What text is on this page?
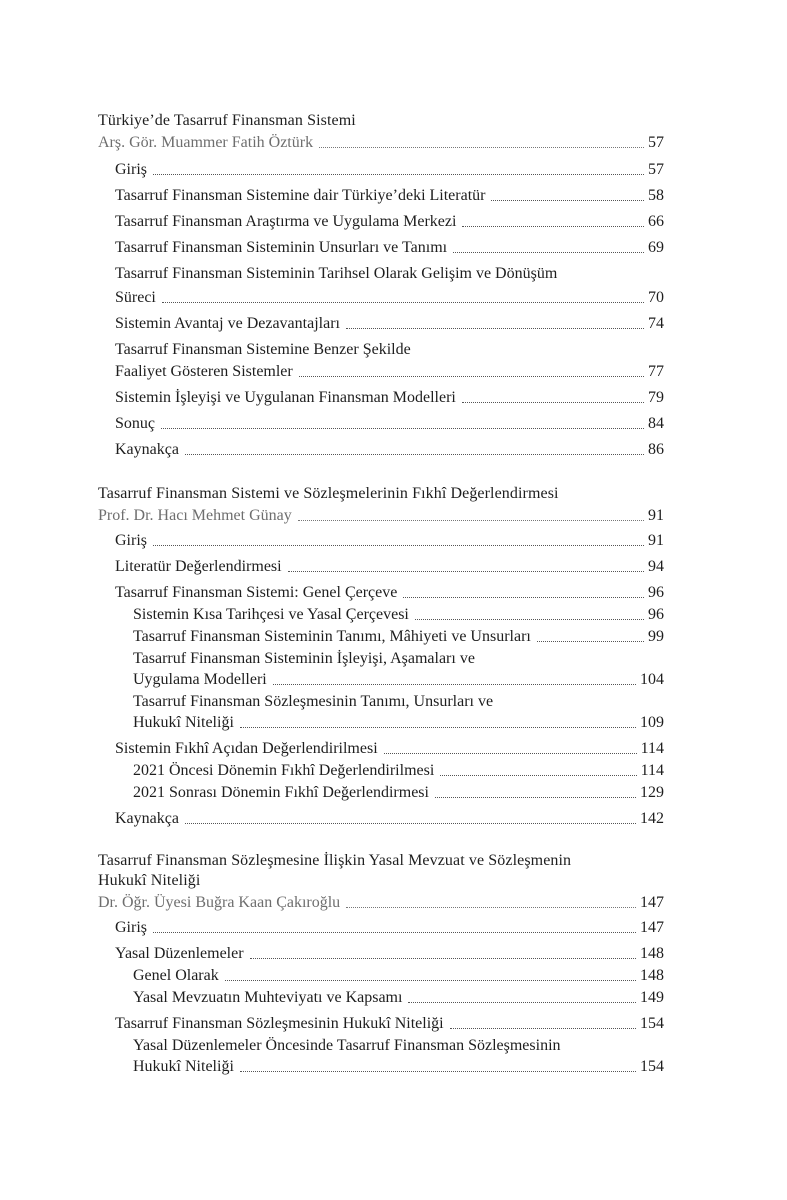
Türkiye’de Tasarruf Finansman Sistemi
Arş. Gör. Muammer Fatih Öztürk	57
Giriş	57
Tasarruf Finansman Sistemine dair Türkiye’deki Literatür	58
Tasarruf Finansman Araştırma ve Uygulama Merkezi	66
Tasarruf Finansman Sisteminin Unsurları ve Tanımı	69
Tasarruf Finansman Sisteminin Tarihsel Olarak Gelişim ve Dönüşüm
Süreci	70
Sistemin Avantaj ve Dezavantajları	74
Tasarruf Finansman Sistemine Benzer Şekilde
Faaliyet Gösteren Sistemler	77
Sistemin İşleyişi ve Uygulanan Finansman Modelleri	79
Sonuç	84
Kaynakça	86
Tasarruf Finansman Sistemi ve Sözleşmelerinin Fıkhî Değerlendirmesi
Prof. Dr. Hacı Mehmet Günay	91
Giriş	91
Literatür Değerlendirmesi	94
Tasarruf Finansman Sistemi: Genel Çerçeve	96
Sistemin Kısa Tarihçesi ve Yasal Çerçevesi	96
Tasarruf Finansman Sisteminin Tanımı, Mâhiyeti ve Unsurları	99
Tasarruf Finansman Sisteminin İşleyişi, Aşamaları ve
Uygulama Modelleri	104
Tasarruf Finansman Sözleşmesinin Tanımı, Unsurları ve
Hukukî Niteliği	109
Sistemin Fıkhî Açıdan Değerlendirilmesi	114
2021 Öncesi Dönemin Fıkhî Değerlendirilmesi	114
2021 Sonrası Dönemin Fıkhî Değerlendirmesi	129
Kaynakça	142
Tasarruf Finansman Sözleşmesine İlişkin Yasal Mevzuat ve Sözleşmenin
Hukukî Niteliği
Dr. Öğr. Üyesi Buğra Kaan Çakıroğlu	147
Giriş	147
Yasal Düzenlemeler	148
Genel Olarak	148
Yasal Mevzuatın Muhteviyatı ve Kapsamı	149
Tasarruf Finansman Sözleşmesinin Hukukî Niteliği	154
Yasal Düzenlemeler Öncesinde Tasarruf Finansman Sözleşmesinin
Hukukî Niteliği	154
